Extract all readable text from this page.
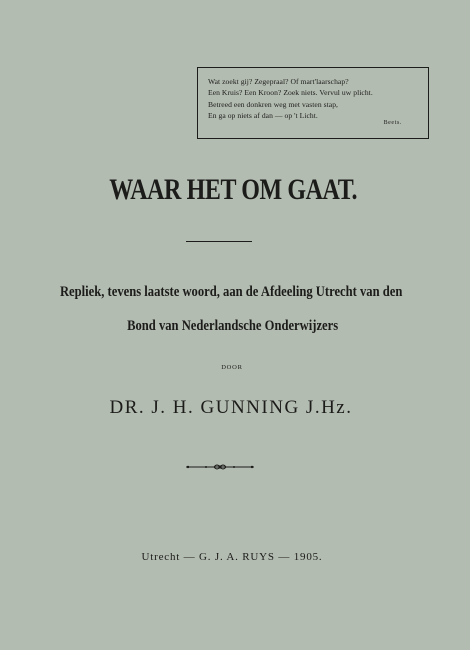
Wat zoekt gij? Zegepraal? Of mart'laarschap?
Een Kruis? Een Kroon? Zoek niets. Vervul uw plicht.
Betreed een donkren weg met vasten stap,
En ga op niets af dan — op 't Licht.
Beets.
WAAR HET OM GAAT.
Repliek, tevens laatste woord, aan de Afdeeling Utrecht van den
Bond van Nederlandsche Onderwijzers
DOOR
DR. J. H. GUNNING J.Hz.
Utrecht — G. J. A. RUYS — 1905.
